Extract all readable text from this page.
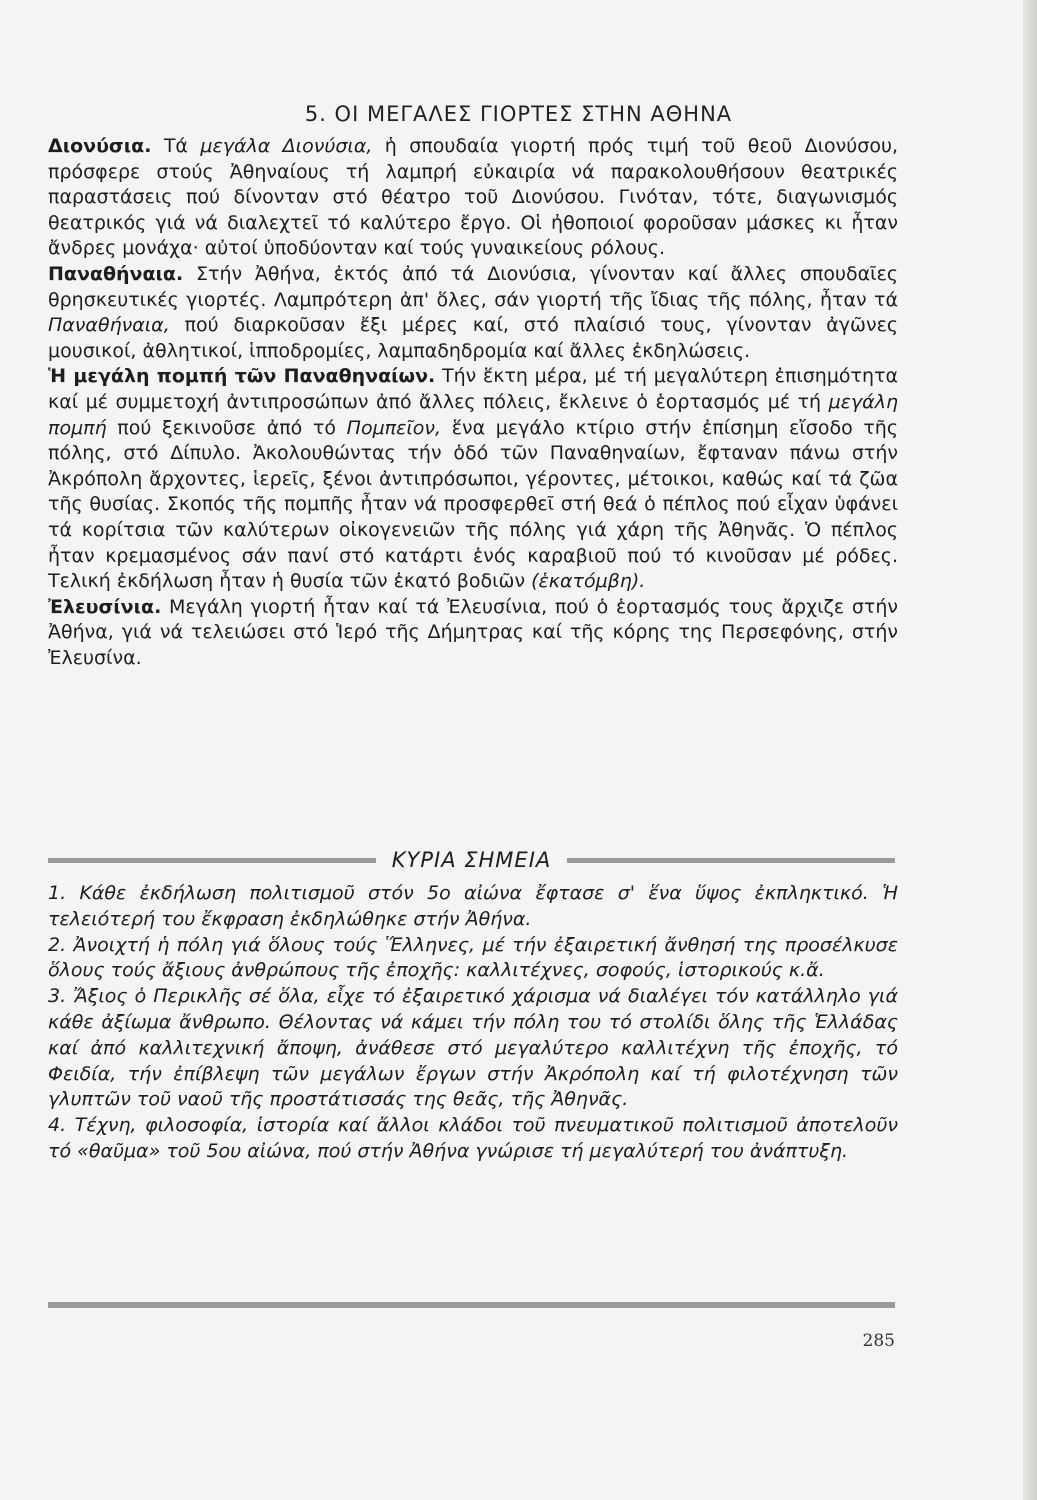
5. ΟΙ ΜΕΓΑΛΕΣ ΓΙΟΡΤΕΣ ΣΤΗΝ ΑΘΗΝΑ

Διονύσια. Τά μεγάλα Διονύσια, ἡ σπουδαία γιορτή πρός τιμή τοῦ θεοῦ Διονύσου, πρόσφερε στούς Ἀθηναίους τή λαμπρή εὐκαιρία νά παρακολουθήσουν θεατρικές παραστάσεις πού δίνονταν στό θέατρο τοῦ Διονύσου. Γινόταν, τότε, διαγωνισμός θεατρικός γιά νά διαλεχτεῖ τό καλύτερο ἔργο. Οἱ ἠθοποιοί φοροῦσαν μάσκες κι ἦταν ἄνδρες μονάχα· αὐτοί ὑποδύονταν καί τούς γυναικείους ρόλους.

Παναθήναια. Στήν Ἀθήνα, ἐκτός ἀπό τά Διονύσια, γίνονταν καί ἄλλες σπουδαῖες θρησκευτικές γιορτές. Λαμπρότερη ἀπ' ὅλες, σάν γιορτή τῆς ἴδιας τῆς πόλης, ἦταν τά Παναθήναια, πού διαρκοῦσαν ἔξι μέρες καί, στό πλαίσιό τους, γίνονταν ἀγῶνες μουσικοί, ἀθλητικοί, ἱπποδρομίες, λαμπαδηδρομία καί ἄλλες ἐκδηλώσεις.

Ἡ μεγάλη πομπή τῶν Παναθηναίων. Τήν ἕκτη μέρα, μέ τή μεγαλύτερη ἐπισημότητα καί μέ συμμετοχή ἀντιπροσώπων ἀπό ἄλλες πόλεις, ἔκλεινε ὁ ἑορτασμός μέ τή μεγάλη πομπή πού ξεκινοῦσε ἀπό τό Πομπεῖον, ἕνα μεγάλο κτίριο στήν ἐπίσημη εἴσοδο τῆς πόλης, στό Δίπυλο. Ἀκολουθώντας τήν ὁδό τῶν Παναθηναίων, ἔφταναν πάνω στήν Ἀκρόπολη ἄρχοντες, ἱερεῖς, ξένοι ἀντιπρόσωποι, γέροντες, μέτοικοι, καθώς καί τά ζῶα τῆς θυσίας. Σκοπός τῆς πομπῆς ἦταν νά προσφερθεῖ στή θεά ὁ πέπλος πού εἶχαν ὑφάνει τά κορίτσια τῶν καλύτερων οἰκογενειῶν τῆς πόλης γιά χάρη τῆς Ἀθηνᾶς. Ὁ πέπλος ἦταν κρεμασμένος σάν πανί στό κατάρτι ἑνός καραβιοῦ πού τό κινοῦσαν μέ ρόδες. Τελική ἐκδήλωση ἦταν ἡ θυσία τῶν ἑκατό βοδιῶν (ἑκατόμβη).

Ἐλευσίνια. Μεγάλη γιορτή ἦταν καί τά Ἐλευσίνια, πού ὁ ἑορτασμός τους ἄρχιζε στήν Ἀθήνα, γιά νά τελειώσει στό Ἱερό τῆς Δήμητρας καί τῆς κόρης της Περσεφόνης, στήν Ἐλευσίνα.

ΚΥΡΙΑ ΣΗΜΕΙΑ

1. Κάθε ἐκδήλωση πολιτισμοῦ στόν 5ο αἰώνα ἔφτασε σ' ἕνα ὕψος ἐκπληκτικό. Ἡ τελειότερή του ἔκφραση ἐκδηλώθηκε στήν Ἀθήνα.

2. Ἀνοιχτή ἡ πόλη γιά ὅλους τούς Ἕλληνες, μέ τήν ἐξαιρετική ἄνθησή της προσέλκυσε ὅλους τούς ἄξιους ἀνθρώπους τῆς ἐποχῆς: καλλιτέχνες, σοφούς, ἱστορικούς κ.ἄ.

3. Ἄξιος ὁ Περικλῆς σέ ὅλα, εἶχε τό ἐξαιρετικό χάρισμα νά διαλέγει τόν κατάλληλο γιά κάθε ἀξίωμα ἄνθρωπο. Θέλοντας νά κάμει τήν πόλη του τό στολίδι ὅλης τῆς Ἑλλάδας καί ἀπό καλλιτεχνική ἄποψη, ἀνάθεσε στό μεγαλύτερο καλλιτέχνη τῆς ἐποχῆς, τό Φειδία, τήν ἐπίβλεψη τῶν μεγάλων ἔργων στήν Ἀκρόπολη καί τή φιλοτέχνηση τῶν γλυπτῶν τοῦ ναοῦ τῆς προστάτισσάς της θεᾶς, τῆς Ἀθηνᾶς.

4. Τέχνη, φιλοσοφία, ἱστορία καί ἄλλοι κλάδοι τοῦ πνευματικοῦ πολιτισμοῦ ἀποτελοῦν τό «θαῦμα» τοῦ 5ου αἰώνα, πού στήν Ἀθήνα γνώρισε τή μεγαλύτερή του ἀνάπτυξη.

285
